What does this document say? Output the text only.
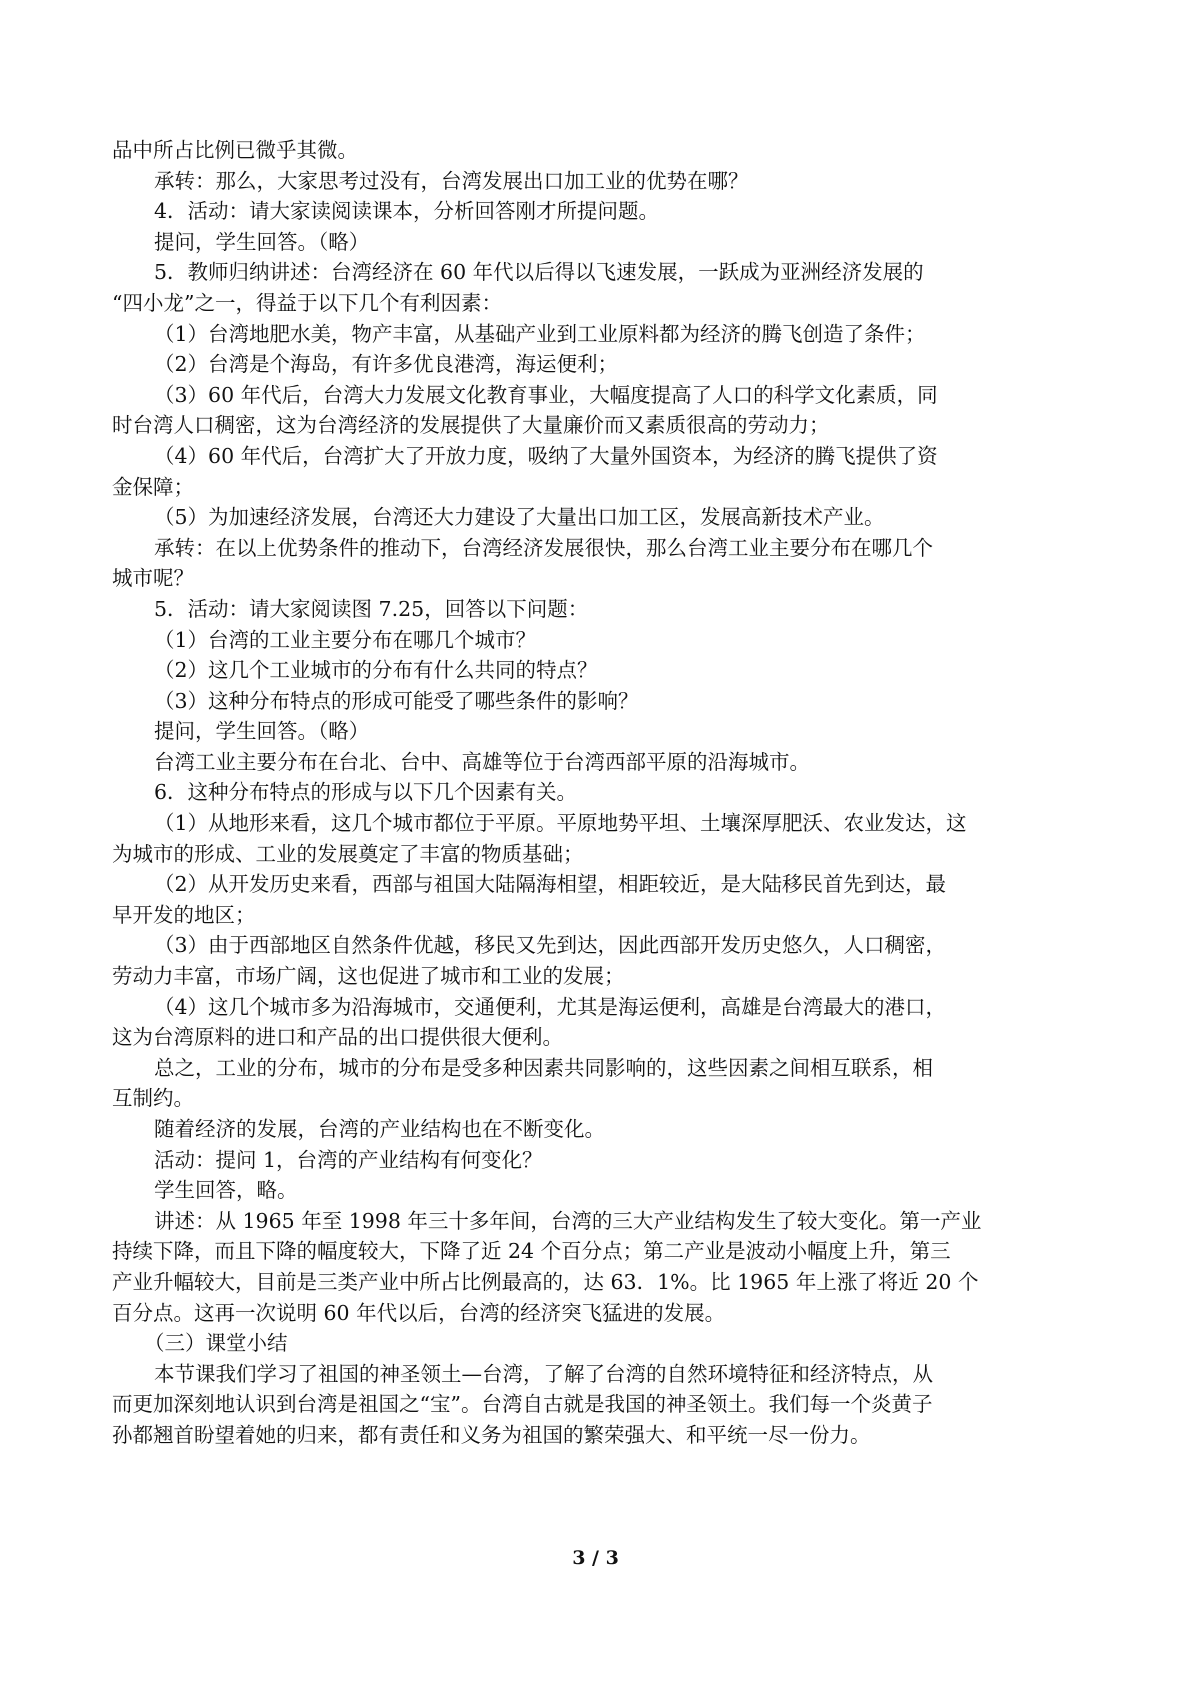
品中所占比例已微乎其微。

承转：那么，大家思考过没有，台湾发展出口加工业的优势在哪？

4．活动：请大家读阅读课本，分析回答刚才所提问题。

提问，学生回答。（略）

5．教师归纳讲述：台湾经济在 60 年代以后得以飞速发展，一跃成为亚洲经济发展的

“四小龙”之一，得益于以下几个有利因素：

（1）台湾地肥水美，物产丰富，从基础产业到工业原料都为经济的腾飞创造了条件；

（2）台湾是个海岛，有许多优良港湾，海运便利；

（3）60 年代后，台湾大力发展文化教育事业，大幅度提高了人口的科学文化素质，同

时台湾人口稠密，这为台湾经济的发展提供了大量廉价而又素质很高的劳动力；

（4）60 年代后，台湾扩大了开放力度，吸纳了大量外国资本，为经济的腾飞提供了资

金保障；

（5）为加速经济发展，台湾还大力建设了大量出口加工区，发展高新技术产业。

承转：在以上优势条件的推动下，台湾经济发展很快，那么台湾工业主要分布在哪几个

城市呢？

5．活动：请大家阅读图 7.25，回答以下问题：

（1）台湾的工业主要分布在哪几个城市？

（2）这几个工业城市的分布有什么共同的特点？

（3）这种分布特点的形成可能受了哪些条件的影响？

提问，学生回答。（略）

台湾工业主要分布在台北、台中、高雄等位于台湾西部平原的沿海城市。

6．这种分布特点的形成与以下几个因素有关。

（1）从地形来看，这几个城市都位于平原。平原地势平坦、土壤深厚肥沃、农业发达，这

为城市的形成、工业的发展奠定了丰富的物质基础；

（2）从开发历史来看，西部与祖国大陆隔海相望，相距较近，是大陆移民首先到达，最

早开发的地区；

（3）由于西部地区自然条件优越，移民又先到达，因此西部开发历史悠久，人口稠密，

劳动力丰富，市场广阔，这也促进了城市和工业的发展；

（4）这几个城市多为沿海城市，交通便利，尤其是海运便利，高雄是台湾最大的港口，

这为台湾原料的进口和产品的出口提供很大便利。

总之，工业的分布，城市的分布是受多种因素共同影响的，这些因素之间相互联系，相

互制约。

随着经济的发展，台湾的产业结构也在不断变化。

活动：提问 1，台湾的产业结构有何变化？

学生回答，略。

讲述：从 1965 年至 1998 年三十多年间，台湾的三大产业结构发生了较大变化。第一产业

持续下降，而且下降的幅度较大，下降了近 24 个百分点；第二产业是波动小幅度上升，第三

产业升幅较大，目前是三类产业中所占比例最高的，达 63．1%。比 1965 年上涨了将近 20 个

百分点。这再一次说明 60 年代以后，台湾的经济突飞猛进的发展。

（三）课堂小结

本节课我们学习了祖国的神圣领土—台湾，了解了台湾的自然环境特征和经济特点，从

而更加深刻地认识到台湾是祖国之“宝”。台湾自古就是我国的神圣领土。我们每一个炎黄子

孙都翘首盼望着她的归来，都有责任和义务为祖国的繁荣强大、和平统一尽一份力。

3 / 3
